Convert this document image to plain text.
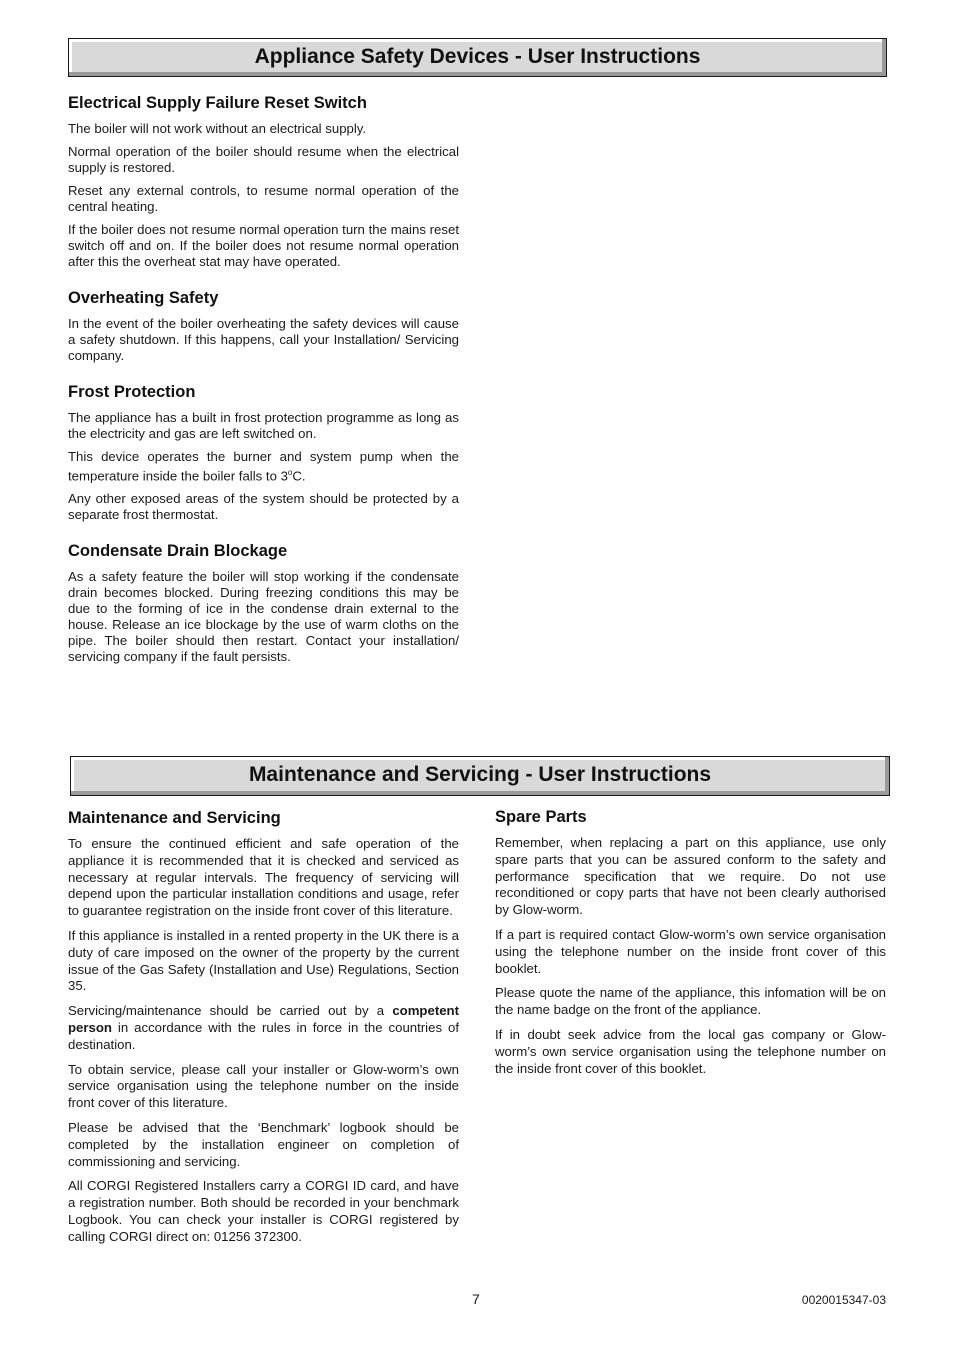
Appliance Safety Devices - User Instructions
Electrical Supply Failure Reset Switch

The boiler will not work without an electrical supply.

Normal operation of the boiler should resume when the electrical supply is restored.

Reset any external controls, to resume normal operation of the central heating.

If the boiler does not resume normal operation turn the mains reset switch off and on. If the boiler does not resume normal operation after this the overheat stat may have operated.

Overheating Safety

In the event of the boiler overheating the safety devices will cause a safety shutdown. If this happens, call your Installation/ Servicing company.

Frost Protection

The appliance has a built in frost protection programme as long as the electricity and gas are left switched on.

This device operates the burner and system pump when the temperature inside the boiler falls to 3$^o$C.

Any other exposed areas of the system should be protected by a separate frost thermostat.

Condensate Drain Blockage

As a safety feature the boiler will stop working if the condensate drain becomes blocked. During freezing conditions this may be due to the forming of ice in the condense drain external to the house. Release an ice blockage by the use of warm cloths on the pipe. The boiler should then restart. Contact your installation/ servicing company if the fault persists.

Maintenance and Servicing - User Instructions
Maintenance and Servicing

To ensure the continued efficient and safe operation of the appliance it is recommended that it is checked and serviced as necessary at regular intervals. The frequency of servicing will depend upon the particular installation conditions and usage, refer to guarantee registration on the inside front cover of this literature.

If this appliance is installed in a rented property in the UK there is a duty of care imposed on the owner of the property by the current issue of the Gas Safety (Installation and Use) Regulations, Section 35.

Servicing/maintenance should be carried out by a competent person in accordance with the rules in force in the countries of destination.

To obtain service, please call your installer or Glow-worm’s own service organisation using the telephone number on the inside front cover of this literature.

Please be advised that the ‘Benchmark’ logbook should be completed by the installation engineer on completion of commissioning and servicing.

All CORGI Registered Installers carry a CORGI ID card, and have a registration number. Both should be recorded in your benchmark Logbook. You can check your installer is CORGI registered by calling CORGI direct on: 01256 372300.

Spare Parts

Remember, when replacing a part on this appliance, use only spare parts that you can be assured conform to the safety and performance specification that we require. Do not use reconditioned or copy parts that have not been clearly authorised by Glow-worm.

If a part is required contact Glow-worm’s own service organisation using the telephone number on the inside front cover of this booklet.

Please quote the name of the appliance, this infomation will be on the name badge on the front of the appliance.

If in doubt seek advice from the local gas company or Glow-worm’s own service organisation using the telephone number on the inside front cover of this booklet.

7	0020015347-03
